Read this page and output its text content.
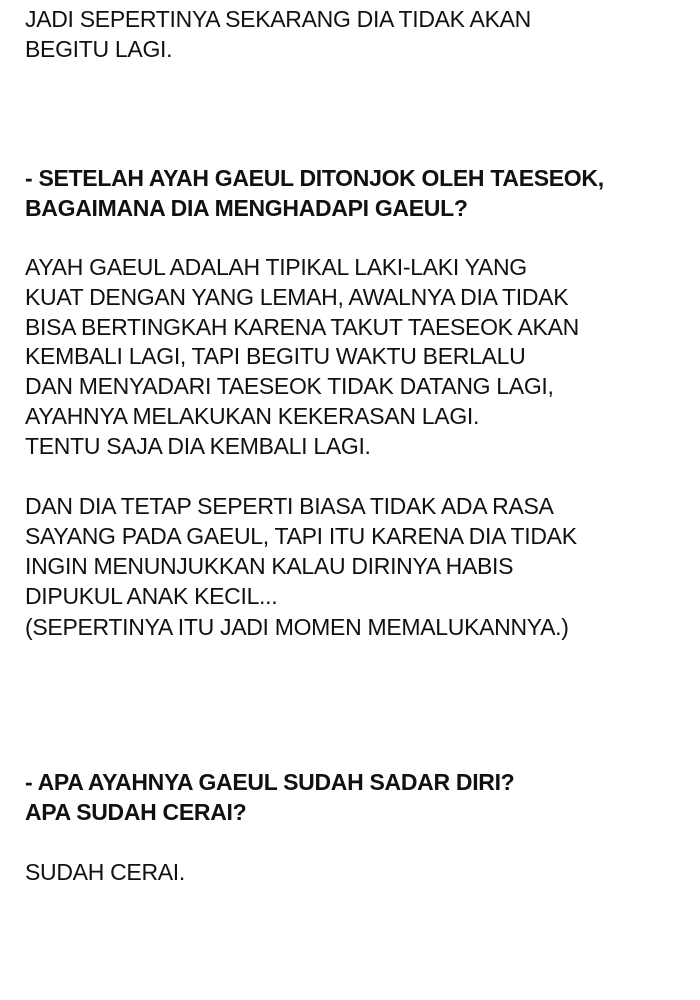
JADI SEPERTINYA SEKARANG DIA TIDAK AKAN
BEGITU LAGI.
- SETELAH AYAH GAEUL DITONJOK OLEH TAESEOK,
BAGAIMANA DIA MENGHADAPI GAEUL?
AYAH GAEUL ADALAH TIPIKAL LAKI-LAKI YANG
KUAT DENGAN YANG LEMAH, AWALNYA DIA TIDAK
BISA BERTINGKAH KARENA TAKUT TAESEOK AKAN
KEMBALI LAGI, TAPI BEGITU WAKTU BERLALU
DAN MENYADARI TAESEOK TIDAK DATANG LAGI,
AYAHNYA MELAKUKAN KEKERASAN LAGI.
TENTU SAJA DIA KEMBALI LAGI.
DAN DIA TETAP SEPERTI BIASA TIDAK ADA RASA
SAYANG PADA GAEUL, TAPI ITU KARENA DIA TIDAK
INGIN MENUNJUKKAN KALAU DIRINYA HABIS
DIPUKUL ANAK KECIL...
(SEPERTINYA ITU JADI MOMEN MEMALUKANNYA.)
- APA AYAHNYA GAEUL SUDAH SADAR DIRI?
APA SUDAH CERAI?
SUDAH CERAI.
